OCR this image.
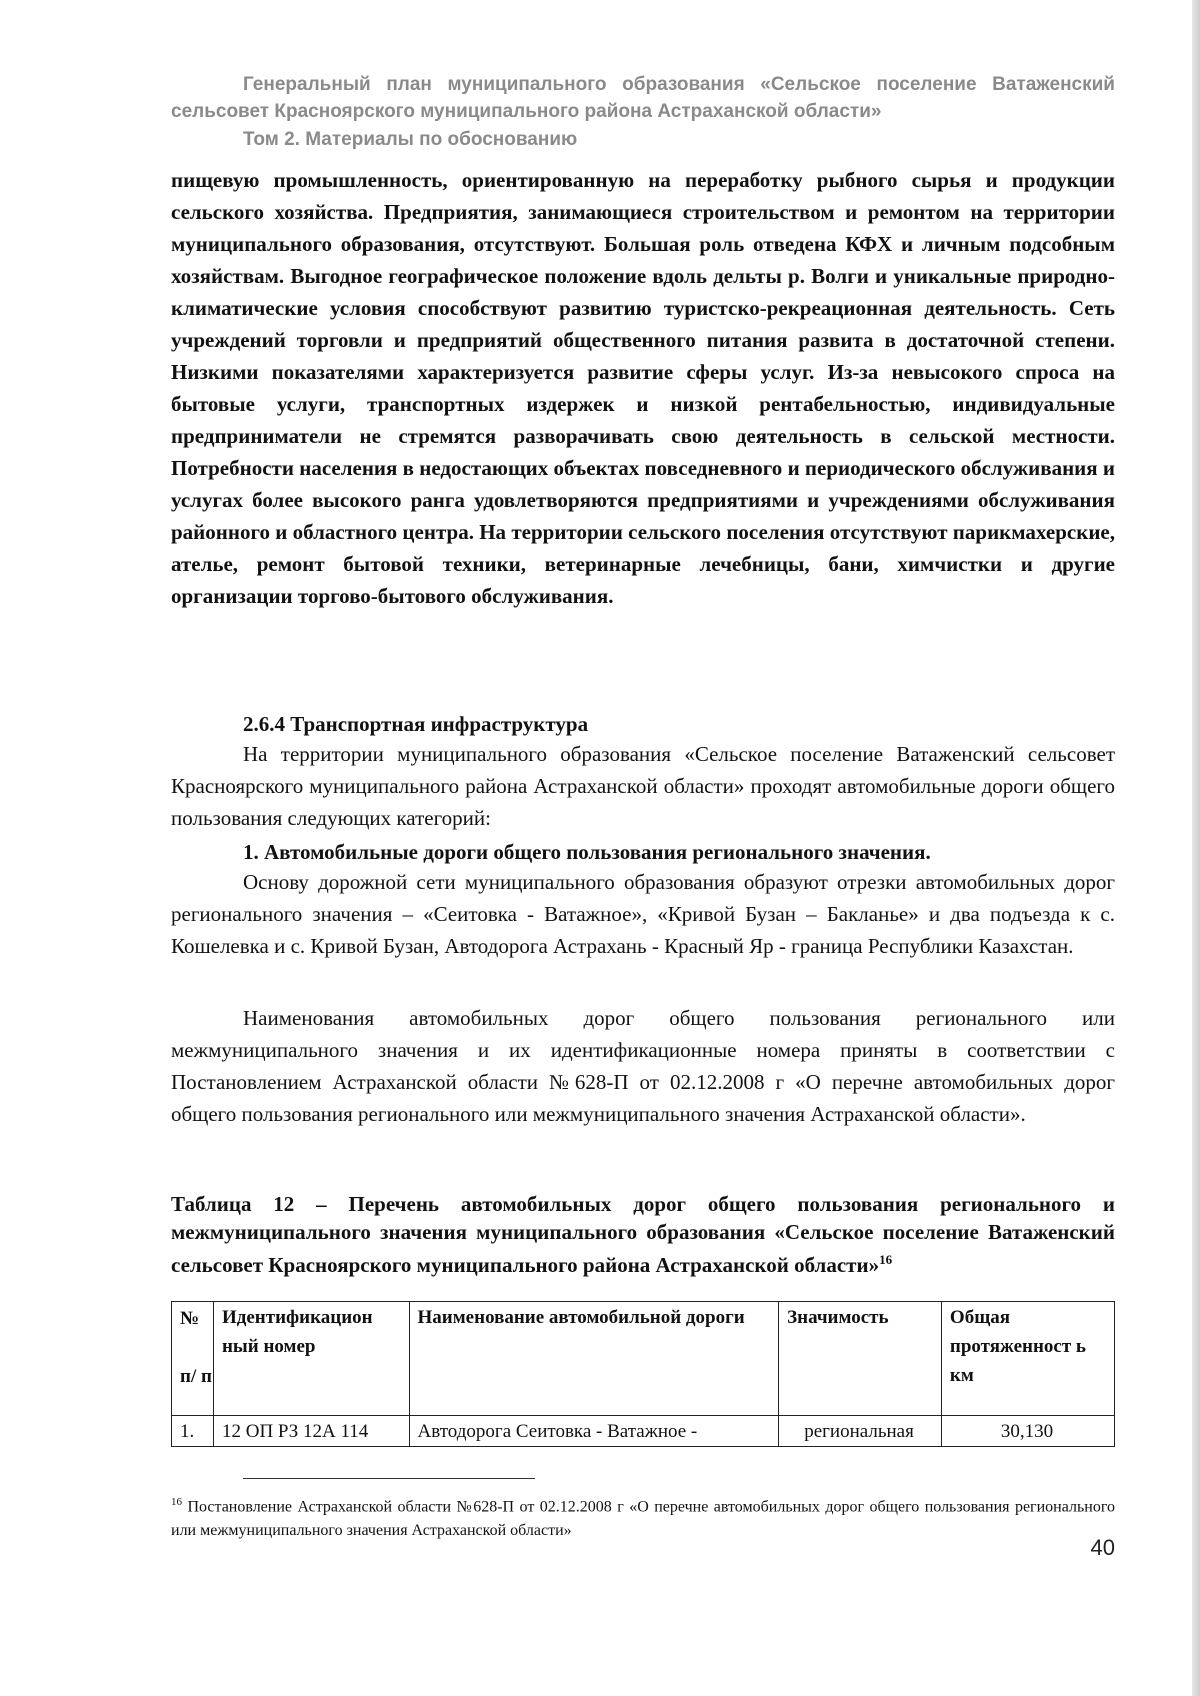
Генеральный план муниципального образования «Сельское поселение Ватаженский
сельсовет Красноярского муниципального района Астраханской области»
Том 2. Материалы по обоснованию

пищевую промышленность, ориентированную на переработку рыбного сырья и продукции сельского хозяйства. Предприятия, занимающиеся строительством и ремонтом на территории муниципального образования, отсутствуют. Большая роль отведена КФХ и личным подсобным хозяйствам. Выгодное географическое положение вдоль дельты р. Волги и уникальные природно-климатические условия способствуют развитию туристско-рекреационная деятельность. Сеть учреждений торговли и предприятий общественного питания развита в достаточной степени. Низкими показателями характеризуется развитие сферы услуг. Из-за невысокого спроса на бытовые услуги, транспортных издержек и низкой рентабельностью, индивидуальные предприниматели не стремятся разворачивать свою деятельность в сельской местности. Потребности населения в недостающих объектах повседневного и периодического обслуживания и услугах более высокого ранга удовлетворяются предприятиями и учреждениями обслуживания районного и областного центра. На территории сельского поселения отсутствуют парикмахерские, ателье, ремонт бытовой техники, ветеринарные лечебницы, бани, химчистки и другие организации торгово-бытового обслуживания.

2.6.4 Транспортная инфраструктура

На территории муниципального образования «Сельское поселение Ватаженский сельсовет Красноярского муниципального района Астраханской области» проходят автомобильные дороги общего пользования следующих категорий:

1. Автомобильные дороги общего пользования регионального значения.

Основу дорожной сети муниципального образования образуют отрезки автомобильных дорог регионального значения – «Сеитовка - Ватажное», «Кривой Бузан – Бакланье» и два подъезда к с. Кошелевка и с. Кривой Бузан, Автодорога Астрахань - Красный Яр - граница Республики Казахстан.

Наименования автомобильных дорог общего пользования регионального или межмуниципального значения и их идентификационные номера приняты в соответствии с Постановлением Астраханской области №628-П от 02.12.2008 г «О перечне автомобильных дорог общего пользования регионального или межмуниципального значения Астраханской области».

Таблица 12 – Перечень автомобильных дорог общего пользования регионального и межмуниципального значения муниципального образования «Сельское поселение Ватаженский сельсовет Красноярского муниципального района Астраханской области»$^{16}$

№
п/ п	Идентификацион ный номер	Наименование автомобильной дороги	Значимость	Общая протяженност ь км
1.	12 ОП РЗ 12А 114	Автодорога Сеитовка - Ватажное -	региональная	30,130

$^{16}$ Постановление Астраханской области №628-П от 02.12.2008 г «О перечне автомобильных дорог общего пользования регионального или межмуниципального значения Астраханской области»

40
